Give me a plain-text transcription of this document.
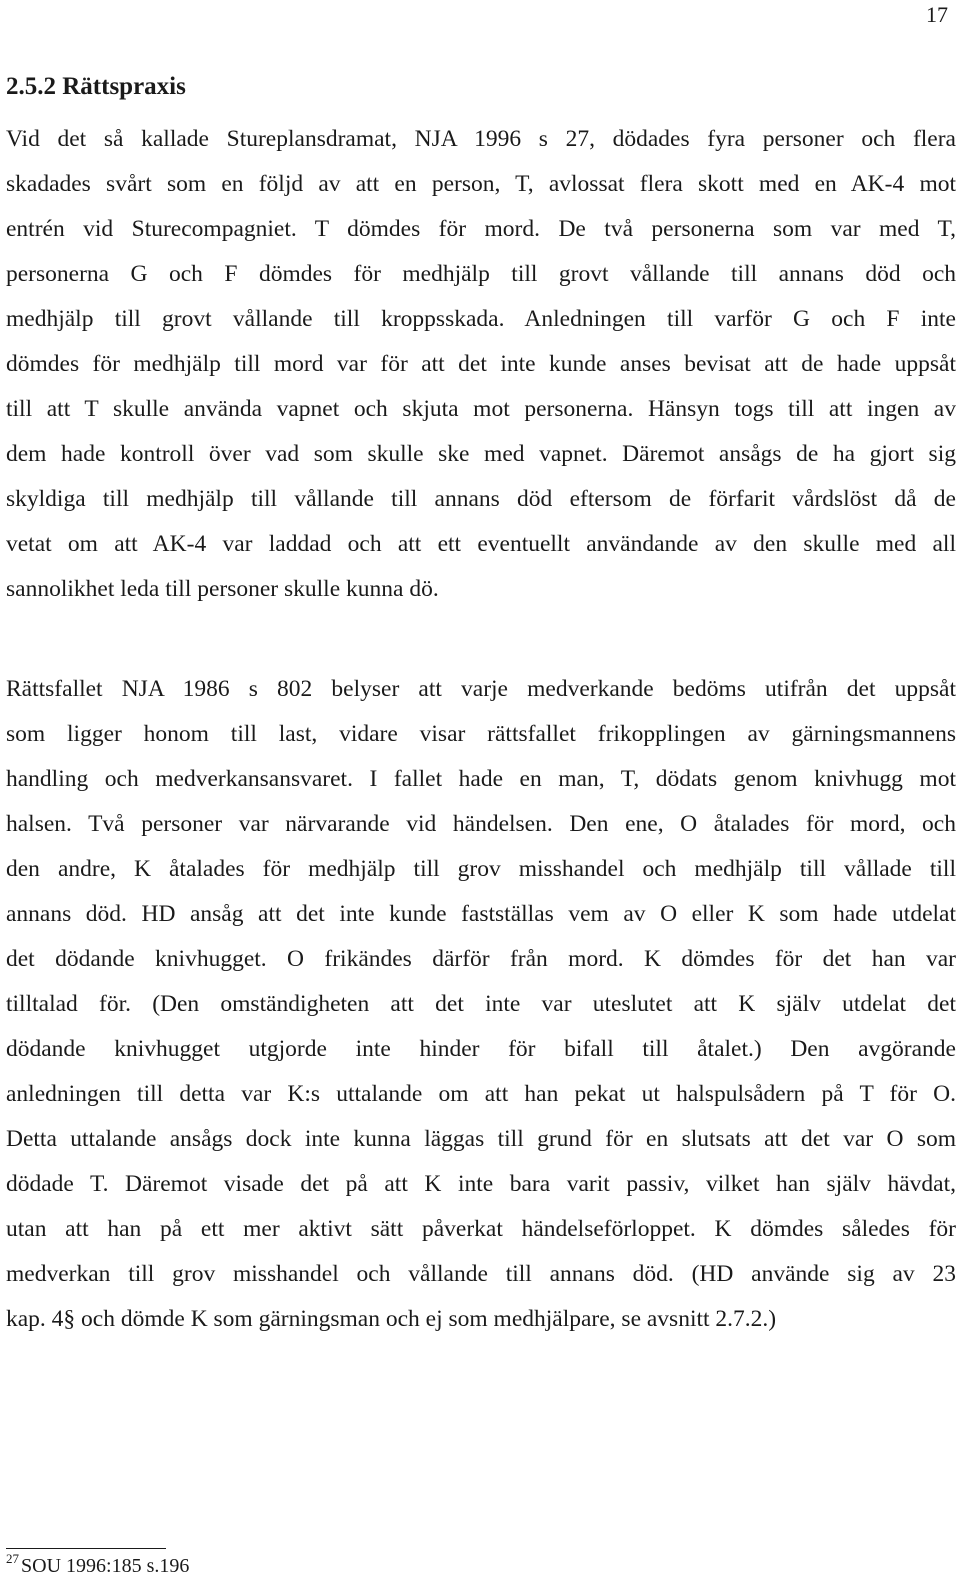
17
2.5.2 Rättspraxis
Vid det så kallade Stureplansdramat, NJA 1996 s 27, dödades fyra personer och flera
skadades svårt som en följd av att en person, T, avlossat flera skott med en AK-4 mot
entrén vid Sturecompagniet. T dömdes för mord. De två personerna som var med T,
personerna G och F dömdes för medhjälp till grovt vållande till annans död och
medhjälp till grovt vållande till kroppsskada. Anledningen till varför G och F inte
dömdes för medhjälp till mord var för att det inte kunde anses bevisat att de hade uppsåt
till att T skulle använda vapnet och skjuta mot personerna. Hänsyn togs till att ingen av
dem hade kontroll över vad som skulle ske med vapnet. Däremot ansågs de ha gjort sig
skyldiga till medhjälp till vållande till annans död eftersom de förfarit vårdslöst då de
vetat om att AK-4 var laddad och att ett eventuellt användande av den skulle med all
sannolikhet leda till personer skulle kunna dö.
Rättsfallet NJA 1986 s 802 belyser att varje medverkande bedöms utifrån det uppsåt
som ligger honom till last, vidare visar rättsfallet frikopplingen av gärningsmannens
handling och medverkansansvaret. I fallet hade en man, T, dödats genom knivhugg mot
halsen. Två personer var närvarande vid händelsen. Den ene, O åtalades för mord, och
den andre, K åtalades för medhjälp till grov misshandel och medhjälp till vållade till
annans död. HD ansåg att det inte kunde fastställas vem av O eller K som hade utdelat
det dödande knivhugget. O frikändes därför från mord. K dömdes för det han var
tilltalad för. (Den omständigheten att det inte var uteslutet att K själv utdelat det
dödande knivhugget utgjorde inte hinder för bifall till åtalet.) Den avgörande
anledningen till detta var K:s uttalande om att han pekat ut halspulsådern på T för O.
Detta uttalande ansågs dock inte kunna läggas till grund för en slutsats att det var O som
dödade T. Däremot visade det på att K inte bara varit passiv, vilket han själv hävdat,
utan att han på ett mer aktivt sätt påverkat händelseförloppet. K dömdes således för
medverkan till grov misshandel och vållande till annans död. (HD använde sig av 23
kap. 4§ och dömde K som gärningsman och ej som medhjälpare, se avsnitt 2.7.2.)
$^{27}$ SOU 1996:185 s.196
